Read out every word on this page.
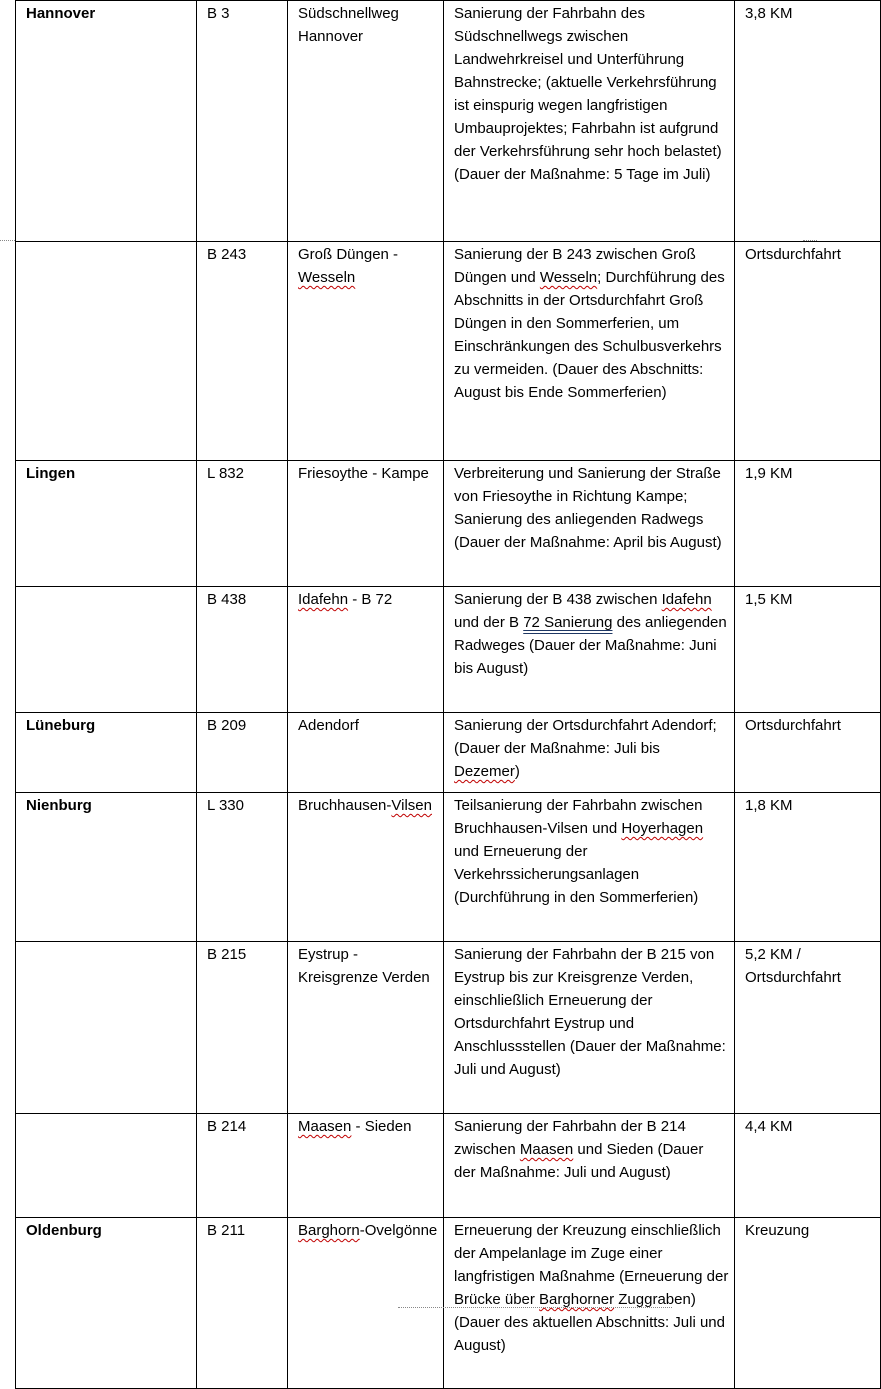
Hannover	B 3	Südschnellweg Hannover	Sanierung der Fahrbahn des Südschnellwegs zwischen Landwehrkreisel und Unterführung Bahnstrecke; (aktuelle Verkehrsführung ist einspurig wegen langfristigen Umbauprojektes; Fahrbahn ist aufgrund der Verkehrsführung sehr hoch belastet) (Dauer der Maßnahme: 5 Tage im Juli)	3,8 KM
	B 243	Groß Düngen - Wesseln	Sanierung der B 243 zwischen Groß Düngen und Wesseln; Durchführung des Abschnitts in der Ortsdurchfahrt Groß Düngen in den Sommerferien, um Einschränkungen des Schulbusverkehrs zu vermeiden. (Dauer des Abschnitts: August bis Ende Sommerferien)	Ortsdurchfahrt
Lingen	L 832	Friesoythe - Kampe	Verbreiterung und Sanierung der Straße von Friesoythe in Richtung Kampe; Sanierung des anliegenden Radwegs (Dauer der Maßnahme: April bis August)	1,9 KM
	B 438	Idafehn - B 72	Sanierung der B 438 zwischen Idafehn und der B 72 Sanierung des anliegenden Radweges (Dauer der Maßnahme: Juni bis August)	1,5 KM
Lüneburg	B 209	Adendorf	Sanierung der Ortsdurchfahrt Adendorf; (Dauer der Maßnahme: Juli bis Dezemer)	Ortsdurchfahrt
Nienburg	L 330	Bruchhausen-Vilsen	Teilsanierung der Fahrbahn zwischen Bruchhausen-Vilsen und Hoyerhagen und Erneuerung der Verkehrssicherungsanlagen (Durchführung in den Sommerferien)	1,8 KM
	B 215	Eystrup - Kreisgrenze Verden	Sanierung der Fahrbahn der B 215 von Eystrup bis zur Kreisgrenze Verden, einschließlich Erneuerung der Ortsdurchfahrt Eystrup und Anschlussstellen (Dauer der Maßnahme: Juli und August)	5,2 KM / Ortsdurchfahrt
	B 214	Maasen - Sieden	Sanierung der Fahrbahn der B 214 zwischen Maasen und Sieden (Dauer der Maßnahme: Juli und August)	4,4 KM
Oldenburg	B 211	Barghorn-Ovelgönne	Erneuerung der Kreuzung einschließlich der Ampelanlage im Zuge einer langfristigen Maßnahme (Erneuerung der Brücke über Barghorner Zuggraben) (Dauer des aktuellen Abschnitts: Juli und August)	Kreuzung
